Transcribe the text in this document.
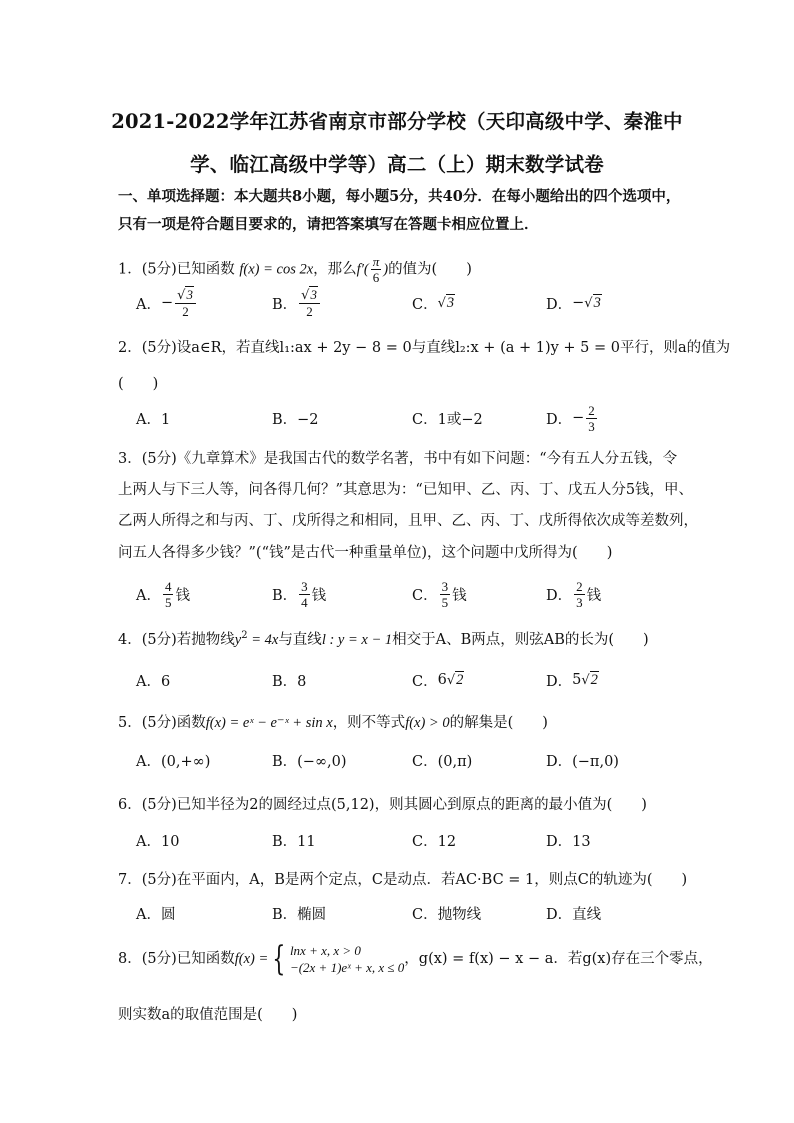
2021-2022学年江苏省南京市部分学校（天印高级中学、秦淮中
学、临江高级中学等）高二（上）期末数学试卷
一、单项选择题：本大题共8小题，每小题5分，共40分．在每小题给出的四个选项中，
只有一项是符合题目要求的，请把答案填写在答题卡相应位置上．
1．(5分)已知函数 f(x) = cos 2x，那么$f'( \frac{\pi}{6}$ )的值为(　　)
A． − $\frac{√3}{2}$	B． $\frac{√3}{2}$	C． √ 3	D． − √ 3
2．(5分)设a∈R，若直线l₁:ax + 2y − 8 = 0与直线l₂:x + (a + 1)y + 5 = 0平行，则a的值为
(　　)
A．1	B．−2	C．1或−2	D． − $\frac{2}{3}$
3．(5分)《九章算术》是我国古代的数学名著，书中有如下问题：“今有五人分五钱，令
上两人与下三人等，问各得几何？”其意思为：“已知甲、乙、丙、丁、戊五人分5钱，甲、
乙两人所得之和与丙、丁、戊所得之和相同，且甲、乙、丙、丁、戊所得依次成等差数列，
问五人各得多少钱？”(“钱”是古代一种重量单位)，这个问题中戊所得为(　　)
A． $\frac{4}{5}$ 钱	B． $\frac{3}{4}$ 钱	C． $\frac{3}{5}$ 钱	D． $\frac{2}{3}$ 钱
4．(5分)若抛物线$y^2 = 4x$与直线l : y = x − 1相交于A、B两点，则弦AB的长为(　　)
A．6	B．8	C． 6 √ 2	D． 5 √ 2
5．(5分)函数f(x) = eˣ − e⁻ˣ + sin x，则不等式f(x) > 0的解集是(　　)
A．(0,+∞)	B．(−∞,0)	C．(0,π)	D．(−π,0)
6．(5分)已知半径为2的圆经过点(5,12)，则其圆心到原点的距离的最小值为(　　)
A．10	B．11	C．12	D．13
7．(5分)在平面内，A，B是两个定点，C是动点．若AC·BC = 1，则点C的轨迹为(　　)
A．圆	B．椭圆	C．抛物线	D．直线
8．(5分)已知函数f(x) = { lnx + x, x > 0
−(2x + 1)eˣ + x, x ≤ 0
，g(x) = f(x) − x − a．若g(x)存在三个零点，
则实数a的取值范围是(　　)
